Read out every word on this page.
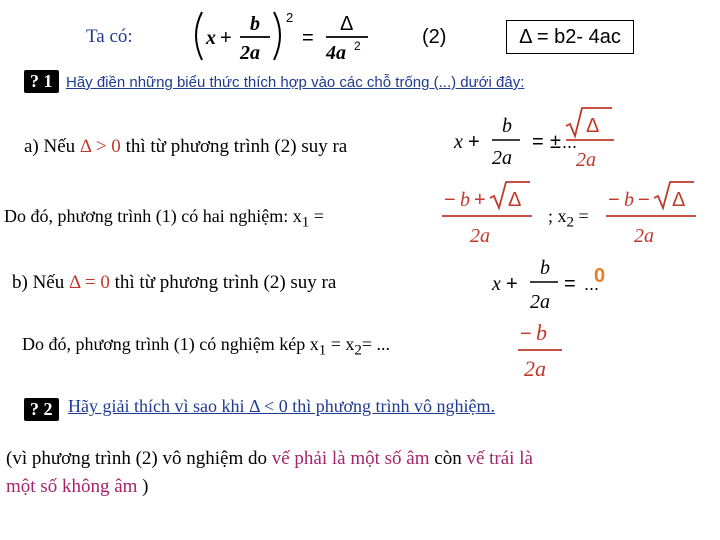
Ta có:	x +
b
2a
2
=
Δ
4a 2	(2)	Δ = b2- 4ac
? 1 Hãy điền những biểu thức thích hợp vào các chỗ trống (...) dưới đây:
a) Nếu Δ > 0 thì từ phương trình (2) suy ra	x +
b
2a
= ±
Δ
2a
...
Do đó, phương trình (1) có hai nghiệm: $x_1$ =
− b + Δ
2a
; $x_2$ =
− b − Δ
2a
b) Nếu Δ = 0 thì từ phương trình (2) suy ra	x +
b
2a
= ...
0
Do đó, phương trình (1) có nghiệm kép $x_1 = x_2=$ ...	− b
2a
? 2 Hãy giải thích vì sao khi Δ < 0 thì phương trình vô nghiệm.
(vì phương trình (2) vô nghiệm do vế phải là một số âm còn vế trái là
một số không âm )
